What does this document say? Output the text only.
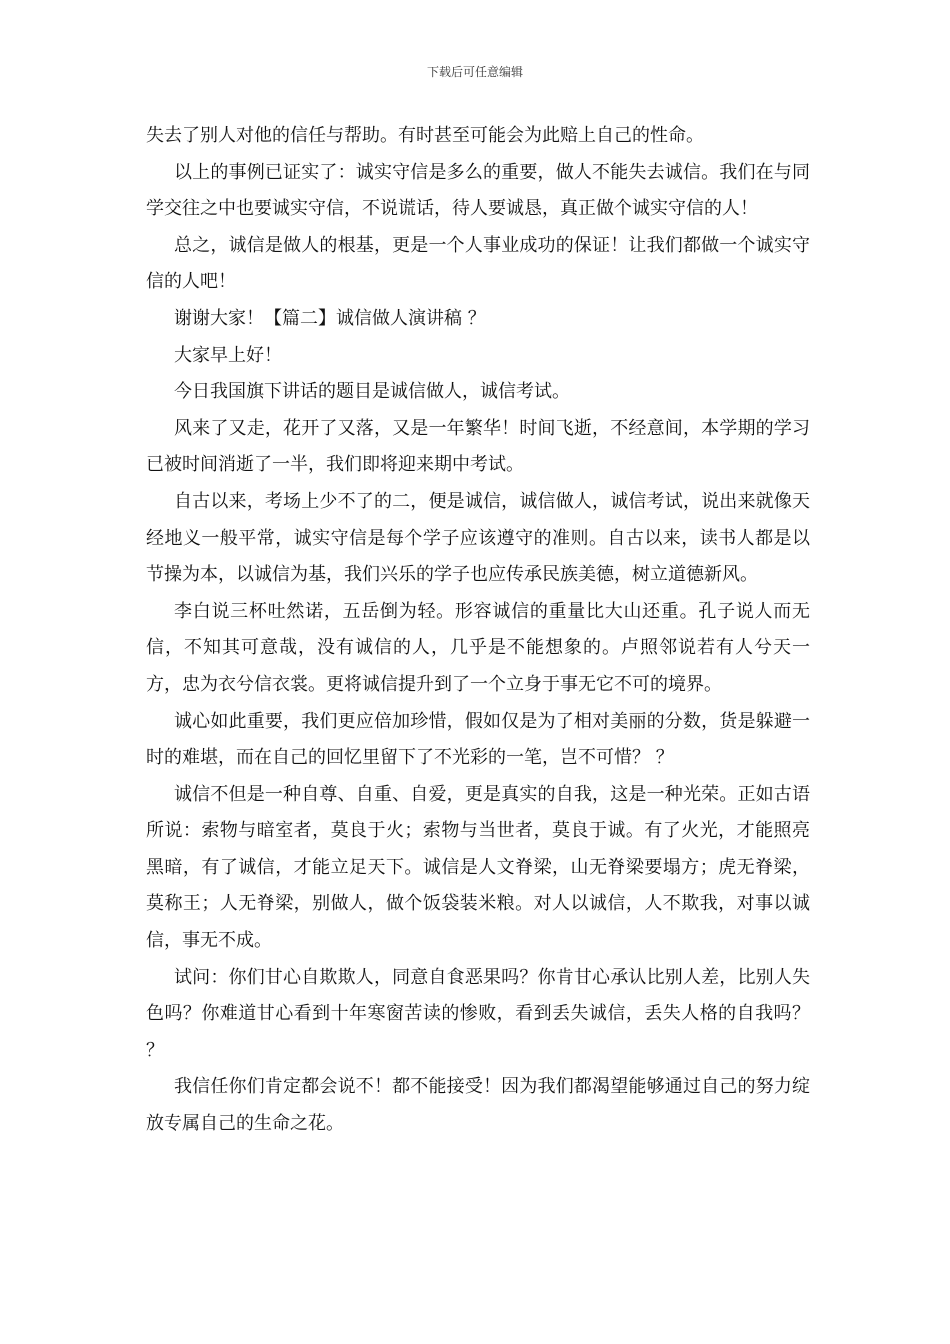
下载后可任意编辑

失去了别人对他的信任与帮助。有时甚至可能会为此赔上自己的性命。

以上的事例已证实了：诚实守信是多么的重要，做人不能失去诚信。我们在与同学交往之中也要诚实守信，不说谎话，待人要诚恳，真正做个诚实守信的人！

总之，诚信是做人的根基，更是一个人事业成功的保证！让我们都做一个诚实守信的人吧！

谢谢大家！【篇二】诚信做人演讲稿 ？

大家早上好！

今日我国旗下讲话的题目是诚信做人，诚信考试。

风来了又走，花开了又落，又是一年繁华！时间飞逝，不经意间，本学期的学习已被时间消逝了一半，我们即将迎来期中考试。

自古以来，考场上少不了的二，便是诚信，诚信做人，诚信考试，说出来就像天经地义一般平常，诚实守信是每个学子应该遵守的准则。自古以来，读书人都是以节操为本，以诚信为基，我们兴乐的学子也应传承民族美德，树立道德新风。

李白说三杯吐然诺，五岳倒为轻。形容诚信的重量比大山还重。孔子说人而无信，不知其可意哉，没有诚信的人，几乎是不能想象的。卢照邻说若有人兮天一方，忠为衣兮信衣裳。更将诚信提升到了一个立身于事无它不可的境界。

诚心如此重要，我们更应倍加珍惜，假如仅是为了相对美丽的分数，货是躲避一时的难堪，而在自己的回忆里留下了不光彩的一笔，岂不可惜？ ？

诚信不但是一种自尊、自重、自爱，更是真实的自我，这是一种光荣。正如古语所说：索物与暗室者，莫良于火；索物与当世者，莫良于诚。有了火光，才能照亮黑暗，有了诚信，才能立足天下。诚信是人文脊梁，山无脊梁要塌方；虎无脊梁，莫称王；人无脊梁，别做人，做个饭袋装米粮。对人以诚信，人不欺我，对事以诚信，事无不成。

试问：你们甘心自欺欺人，同意自食恶果吗？你肯甘心承认比别人差，比别人失色吗？你难道甘心看到十年寒窗苦读的惨败，看到丢失诚信，丢失人格的自我吗？ ？

我信任你们肯定都会说不！都不能接受！因为我们都渴望能够通过自己的努力绽放专属自己的生命之花。
